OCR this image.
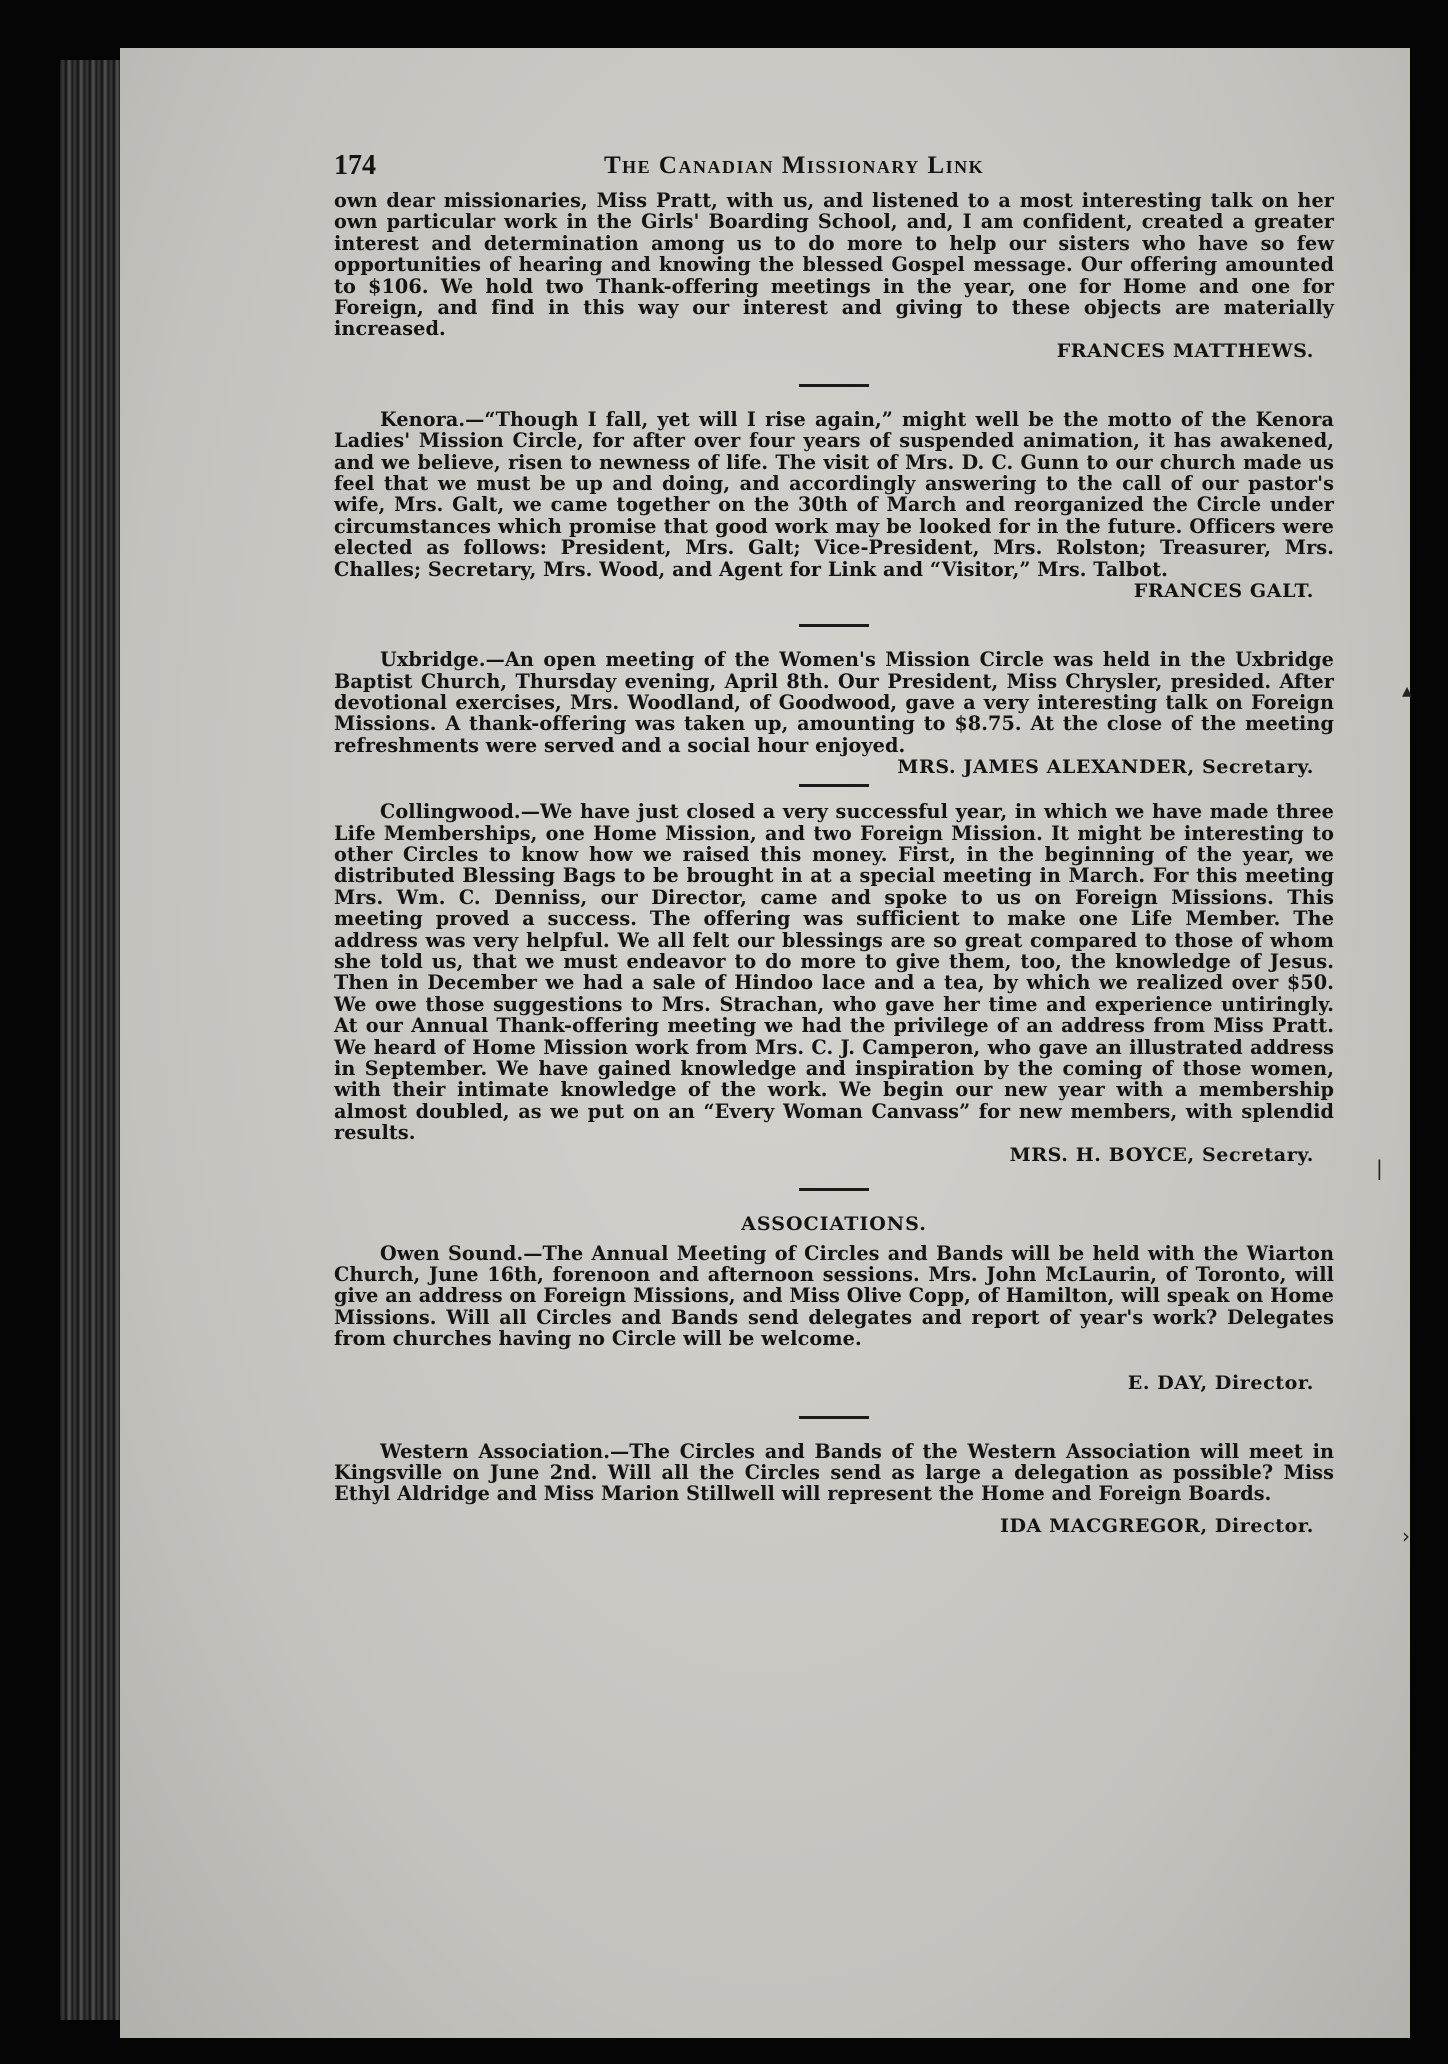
174	The Canadian Missionary Link

own dear missionaries, Miss Pratt, with us, and listened to a most interesting talk on her own particular work in the Girls' Boarding School, and, I am confident, created a greater interest and determination among us to do more to help our sisters who have so few opportunities of hearing and knowing the blessed Gospel message. Our offering amounted to $106. We hold two Thank-offering meetings in the year, one for Home and one for Foreign, and find in this way our interest and giving to these objects are materially increased.

FRANCES MATTHEWS.

Kenora.—“Though I fall, yet will I rise again,” might well be the motto of the Kenora Ladies' Mission Circle, for after over four years of suspended animation, it has awakened, and we believe, risen to newness of life. The visit of Mrs. D. C. Gunn to our church made us feel that we must be up and doing, and accordingly answering to the call of our pastor's wife, Mrs. Galt, we came together on the 30th of March and reorganized the Circle under circumstances which promise that good work may be looked for in the future. Officers were elected as follows: President, Mrs. Galt; Vice-President, Mrs. Rolston; Treasurer, Mrs. Challes; Secretary, Mrs. Wood, and Agent for Link and “Visitor,” Mrs. Talbot.

FRANCES GALT.

Uxbridge.—An open meeting of the Women's Mission Circle was held in the Uxbridge Baptist Church, Thursday evening, April 8th. Our President, Miss Chrysler, presided. After devotional exercises, Mrs. Woodland, of Goodwood, gave a very interesting talk on Foreign Missions. A thank-offering was taken up, amounting to $8.75. At the close of the meeting refreshments were served and a social hour enjoyed.

MRS. JAMES ALEXANDER, Secretary.

Collingwood.—We have just closed a very successful year, in which we have made three Life Memberships, one Home Mission, and two Foreign Mission. It might be interesting to other Circles to know how we raised this money. First, in the beginning of the year, we distributed Blessing Bags to be brought in at a special meeting in March. For this meeting Mrs. Wm. C. Denniss, our Director, came and spoke to us on Foreign Missions. This meeting proved a success. The offering was sufficient to make one Life Member. The address was very helpful. We all felt our blessings are so great compared to those of whom she told us, that we must endeavor to do more to give them, too, the knowledge of Jesus. Then in December we had a sale of Hindoo lace and a tea, by which we realized over $50. We owe those suggestions to Mrs. Strachan, who gave her time and experience untiringly. At our Annual Thank-offering meeting we had the privilege of an address from Miss Pratt. We heard of Home Mission work from Mrs. C. J. Camperon, who gave an illustrated address in September. We have gained knowledge and inspiration by the coming of those women, with their intimate knowledge of the work. We begin our new year with a membership almost doubled, as we put on an “Every Woman Canvass” for new members, with splendid results.

MRS. H. BOYCE, Secretary.

ASSOCIATIONS.

Owen Sound.—The Annual Meeting of Circles and Bands will be held with the Wiarton Church, June 16th, forenoon and afternoon sessions. Mrs. John McLaurin, of Toronto, will give an address on Foreign Missions, and Miss Olive Copp, of Hamilton, will speak on Home Missions. Will all Circles and Bands send delegates and report of year's work? Delegates from churches having no Circle will be welcome.

E. DAY, Director.

Western Association.—The Circles and Bands of the Western Association will meet in Kingsville on June 2nd. Will all the Circles send as large a delegation as possible? Miss Ethyl Aldridge and Miss Marion Stillwell will represent the Home and Foreign Boards.

IDA MACGREGOR, Director.

▴
|
›
